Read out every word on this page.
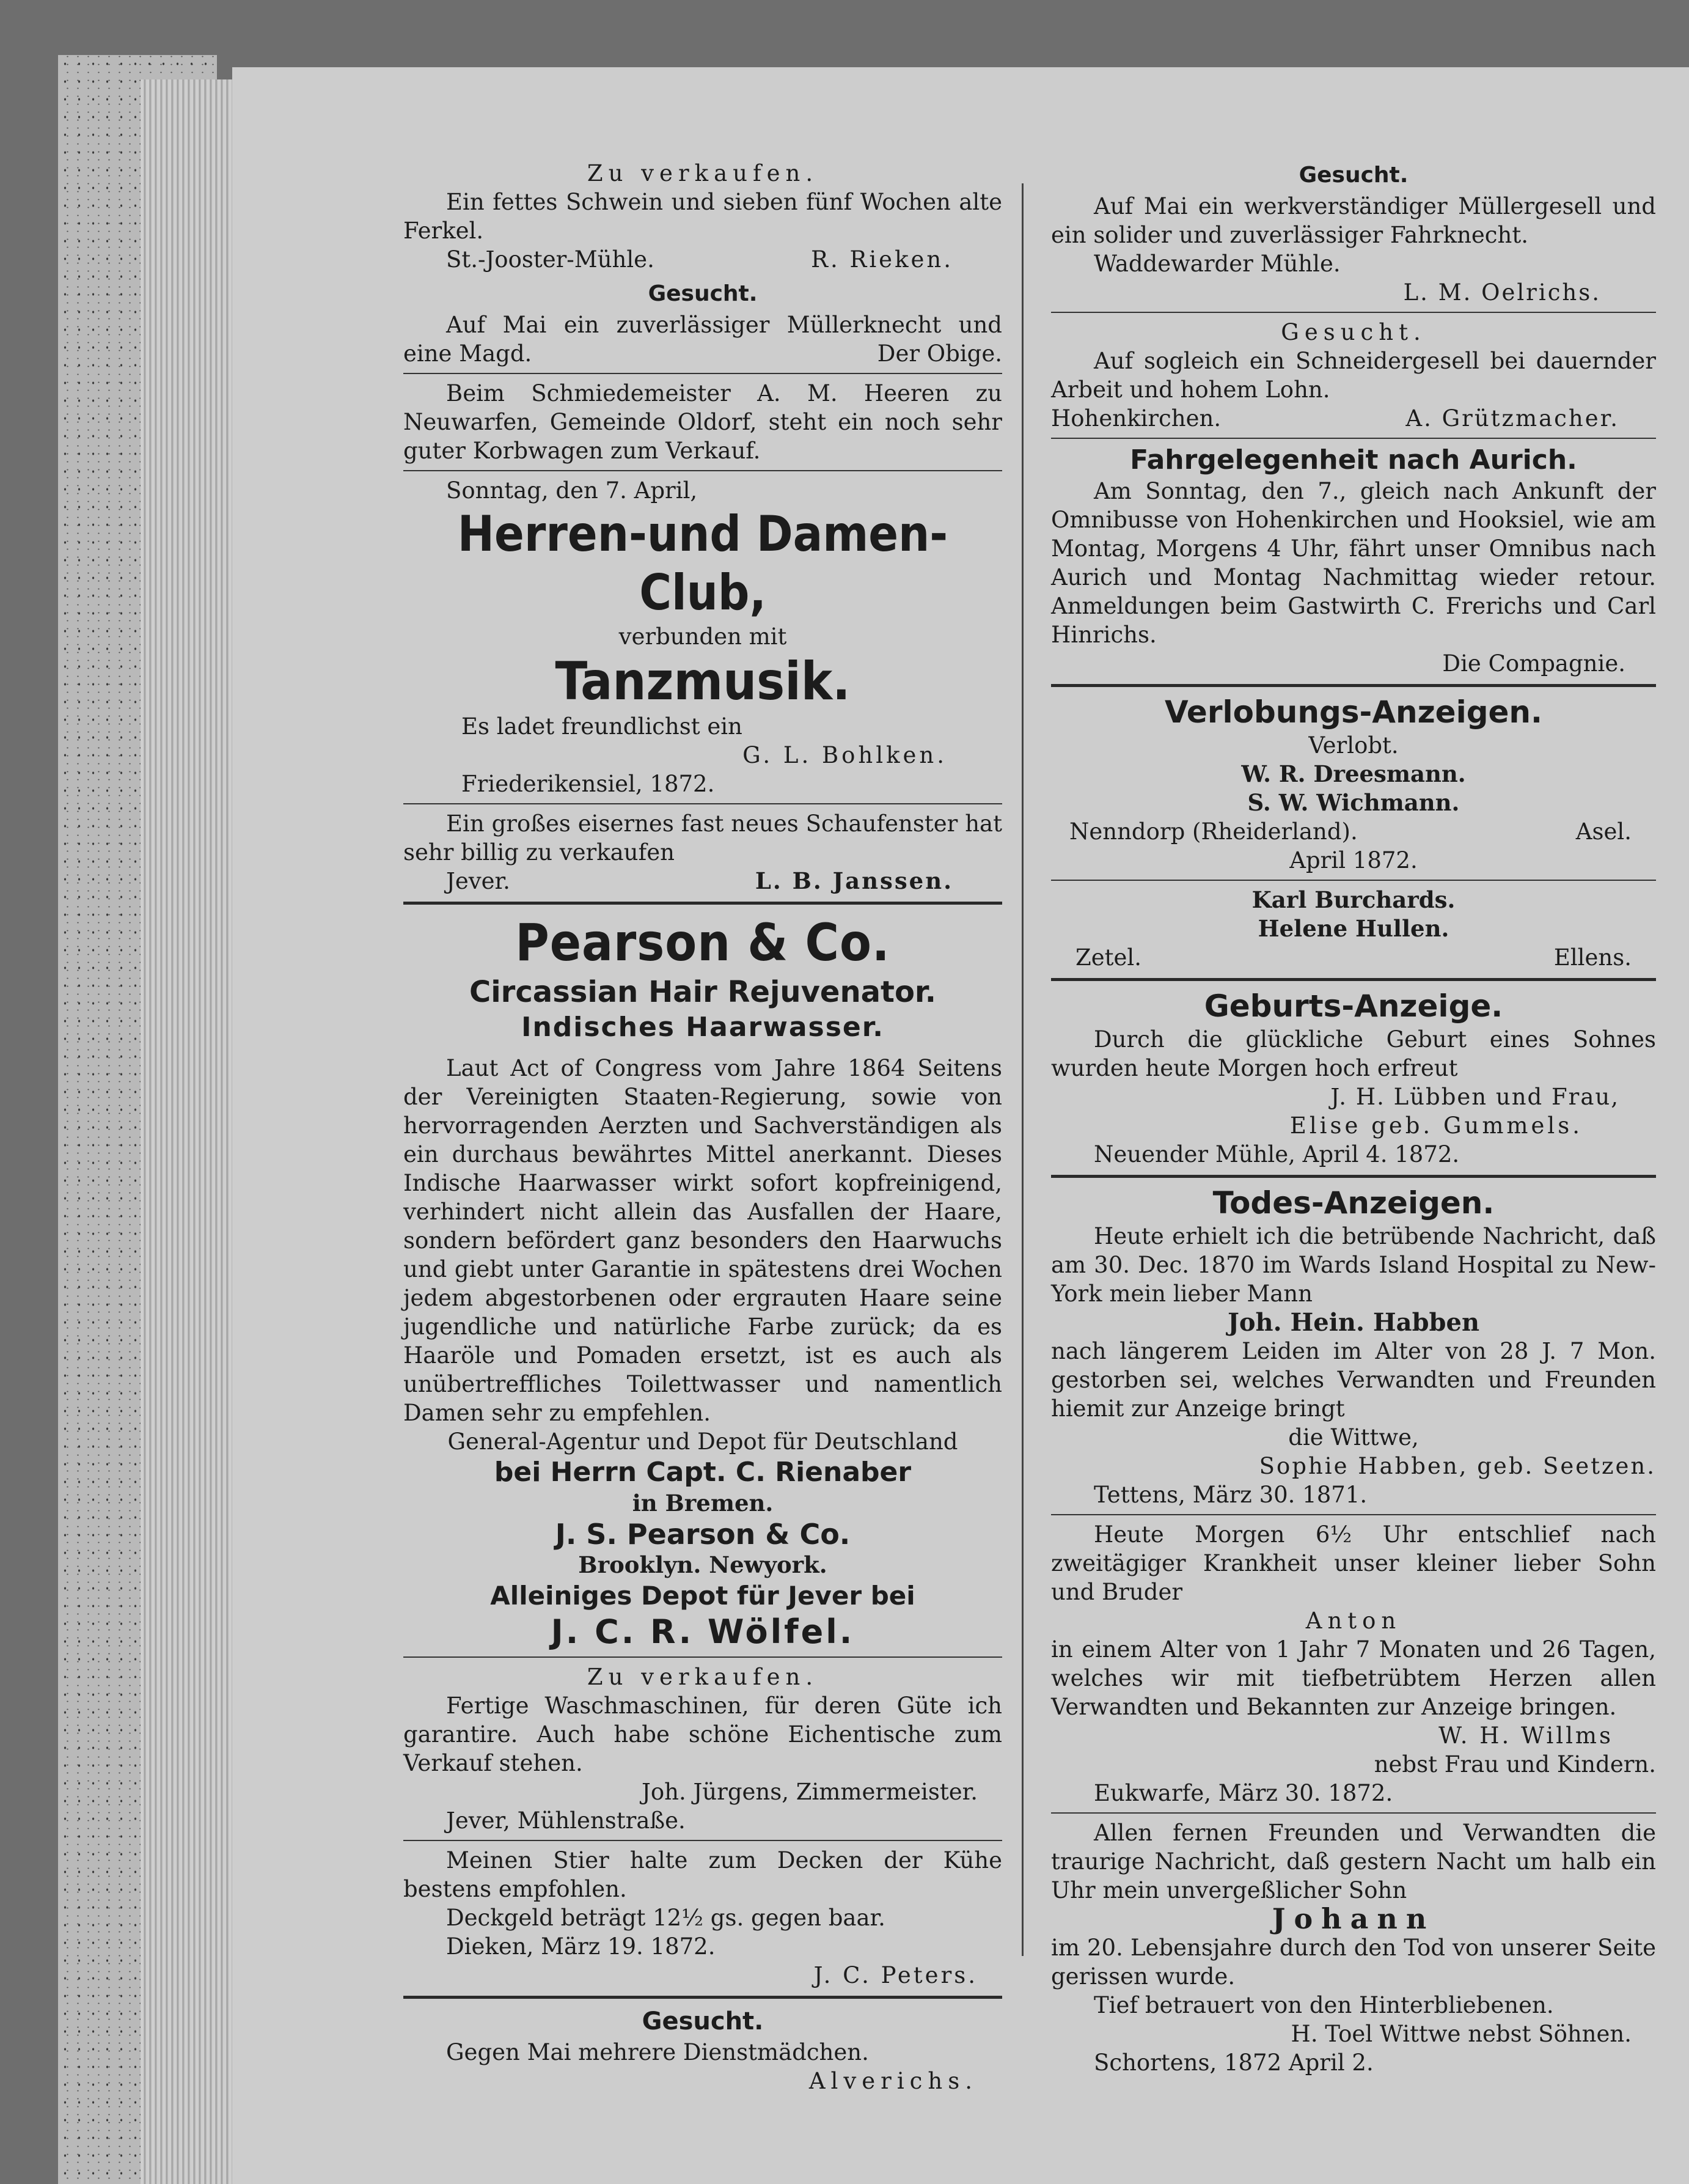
Zu verkaufen.

Ein fettes Schwein und sieben fünf Wochen alte Ferkel.

St.-Jooster-Mühle.	R. Rieken.

Gesucht.

Auf Mai ein zuverlässiger Müllerknecht und eine Magd.	Der Obige.

Beim Schmiedemeister A. M. Heeren zu Neuwarfen, Gemeinde Oldorf, steht ein noch sehr guter Korbwagen zum Verkauf.

Sonntag, den 7. April,

Herren-und Damen-Club,

verbunden mit

Tanzmusik.

Es ladet freundlichst ein

G. L. Bohlken.

Friederikensiel, 1872.

Ein großes eisernes fast neues Schaufenster hat sehr billig zu verkaufen

Jever.	L. B. Janssen.

Pearson & Co.

Circassian Hair Rejuvenator.

Indisches Haarwasser.

Laut Act of Congress vom Jahre 1864 Seitens der Vereinigten Staaten-Regierung, sowie von hervorragenden Aerzten und Sachverständigen als ein durchaus bewährtes Mittel anerkannt. Dieses Indische Haarwasser wirkt sofort kopfreinigend, verhindert nicht allein das Ausfallen der Haare, sondern befördert ganz besonders den Haarwuchs und giebt unter Garantie in spätestens drei Wochen jedem abgestorbenen oder ergrauten Haare seine jugendliche und natürliche Farbe zurück; da es Haaröle und Pomaden ersetzt, ist es auch als unübertreffliches Toilettwasser und namentlich Damen sehr zu empfehlen.

General-Agentur und Depot für Deutschland

bei Herrn Capt. C. Rienaber

in Bremen.

J. S. Pearson & Co.

Brooklyn. Newyork.

Alleiniges Depot für Jever bei

J. C. R. Wölfel.

Zu verkaufen.

Fertige Waschmaschinen, für deren Güte ich garantire. Auch habe schöne Eichentische zum Verkauf stehen.

Joh. Jürgens, Zimmermeister.

Jever, Mühlenstraße.

Meinen Stier halte zum Decken der Kühe bestens empfohlen.

Deckgeld beträgt 12½ gs. gegen baar.

Dieken, März 19. 1872.

J. C. Peters.

Gesucht.

Gegen Mai mehrere Dienstmädchen.

Alverichs.

Gesucht.

Auf Mai ein werkverständiger Müllergesell und ein solider und zuverlässiger Fahrknecht.

Waddewarder Mühle.

L. M. Oelrichs.

Gesucht.

Auf sogleich ein Schneidergesell bei dauernder Arbeit und hohem Lohn.

Hohenkirchen.	A. Grützmacher.

Fahrgelegenheit nach Aurich.

Am Sonntag, den 7., gleich nach Ankunft der Omnibusse von Hohenkirchen und Hooksiel, wie am Montag, Morgens 4 Uhr, fährt unser Omnibus nach Aurich und Montag Nachmittag wieder retour. Anmeldungen beim Gastwirth C. Frerichs und Carl Hinrichs.

Die Compagnie.

Verlobungs-Anzeigen.

Verlobt.

W. R. Dreesmann.

S. W. Wichmann.

Nenndorp (Rheiderland).	Asel.

April 1872.

Karl Burchards.

Helene Hullen.

Zetel.	Ellens.

Geburts-Anzeige.

Durch die glückliche Geburt eines Sohnes wurden heute Morgen hoch erfreut

J. H. Lübben und Frau,

Elise geb. Gummels.

Neuender Mühle, April 4. 1872.

Todes-Anzeigen.

Heute erhielt ich die betrübende Nachricht, daß am 30. Dec. 1870 im Wards Island Hospital zu New-York mein lieber Mann

Joh. Hein. Habben

nach längerem Leiden im Alter von 28 J. 7 Mon. gestorben sei, welches Verwandten und Freunden hiemit zur Anzeige bringt

die Wittwe,

Sophie Habben, geb. Seetzen.

Tettens, März 30. 1871.

Heute Morgen 6½ Uhr entschlief nach zweitägiger Krankheit unser kleiner lieber Sohn und Bruder

Anton

in einem Alter von 1 Jahr 7 Monaten und 26 Tagen, welches wir mit tiefbetrübtem Herzen allen Verwandten und Bekannten zur Anzeige bringen.

W. H. Willms

nebst Frau und Kindern.

Eukwarfe, März 30. 1872.

Allen fernen Freunden und Verwandten die traurige Nachricht, daß gestern Nacht um halb ein Uhr mein unvergeßlicher Sohn

Johann

im 20. Lebensjahre durch den Tod von unserer Seite gerissen wurde.

Tief betrauert von den Hinterbliebenen.

H. Toel Wittwe nebst Söhnen.

Schortens, 1872 April 2.
